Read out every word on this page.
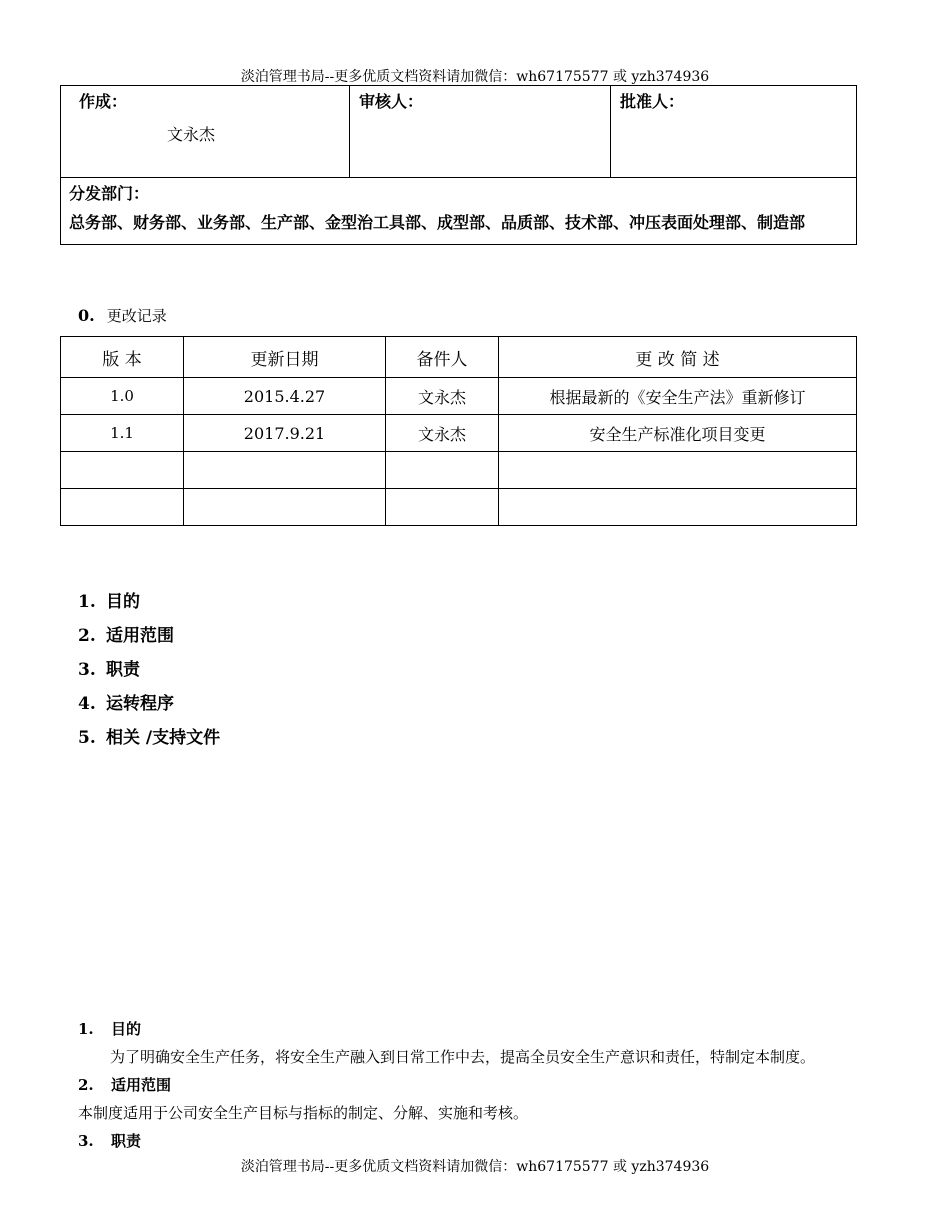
淡泊管理书局--更多优质文档资料请加微信：wh67175577 或 yzh374936
作成：
文永杰

审核人：	批准人：

分发部门：
总务部、财务部、业务部、生产部、金型治工具部、成型部、品质部、技术部、冲压表面处理部、制造部
0. 更改记录
版 本	更新日期	备件人	更 改 简 述
1.0	2015.4.27	文永杰	根据最新的《安全生产法》重新修订
1.1	2017.9.21	文永杰	安全生产标准化项目变更

1. 目的
2. 适用范围
3. 职责
4. 运转程序
5. 相关 /支持文件
1. 目的
为了明确安全生产任务，将安全生产融入到日常工作中去，提高全员安全生产意识和责任，特制定本制度。
2. 适用范围
本制度适用于公司安全生产目标与指标的制定、分解、实施和考核。
3. 职责
淡泊管理书局--更多优质文档资料请加微信：wh67175577 或 yzh374936
